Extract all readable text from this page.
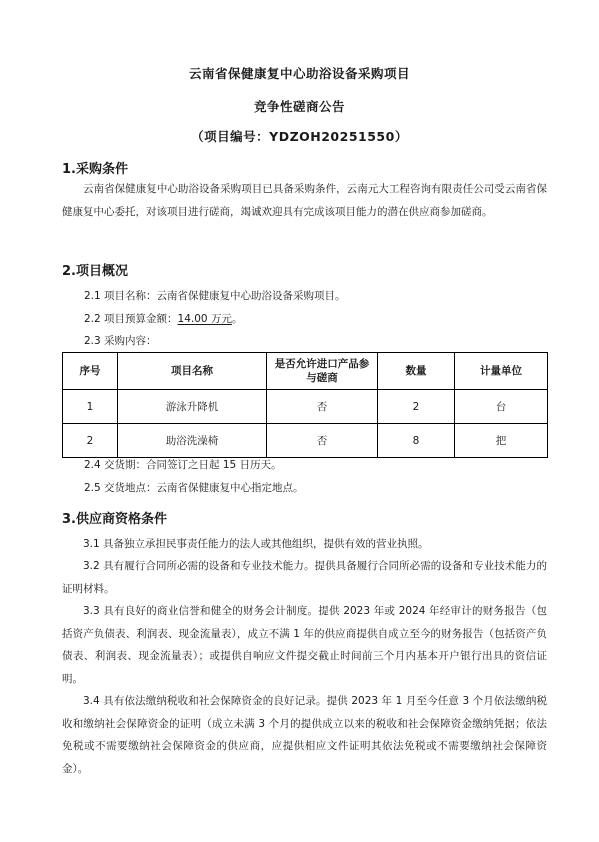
云南省保健康复中心助浴设备采购项目
竞争性磋商公告
（项目编号：YDZOH20251550）
1.采购条件

云南省保健康复中心助浴设备采购项目已具备采购条件，云南元大工程咨询有限责任公司受云南省保健康复中心委托，对该项目进行磋商，竭诚欢迎具有完成该项目能力的潜在供应商参加磋商。

2.项目概况
2.1 项目名称：云南省保健康复中心助浴设备采购项目。
2.2 项目预算金额：14.00 万元。
2.3 采购内容：
序号	项目名称	是否允许进口产品参与磋商	数量	计量单位
1	游泳升降机	否	2	台
2	助浴洗澡椅	否	8	把
2.4 交货期：合同签订之日起 15 日历天。
2.5 交货地点：云南省保健康复中心指定地点。
3.供应商资格条件

3.1 具备独立承担民事责任能力的法人或其他组织，提供有效的营业执照。

3.2 具有履行合同所必需的设备和专业技术能力。提供具备履行合同所必需的设备和专业技术能力的证明材料。

3.3 具有良好的商业信誉和健全的财务会计制度。提供 2023 年或 2024 年经审计的财务报告（包括资产负债表、利润表、现金流量表），成立不满 1 年的供应商提供自成立至今的财务报告（包括资产负债表、利润表、现金流量表）；或提供自响应文件提交截止时间前三个月内基本开户银行出具的资信证明。

3.4 具有依法缴纳税收和社会保障资金的良好记录。提供 2023 年 1 月至今任意 3 个月依法缴纳税收和缴纳社会保障资金的证明（成立未满 3 个月的提供成立以来的税收和社会保障资金缴纳凭据；依法免税或不需要缴纳社会保障资金的供应商，应提供相应文件证明其依法免税或不需要缴纳社会保障资金）。
